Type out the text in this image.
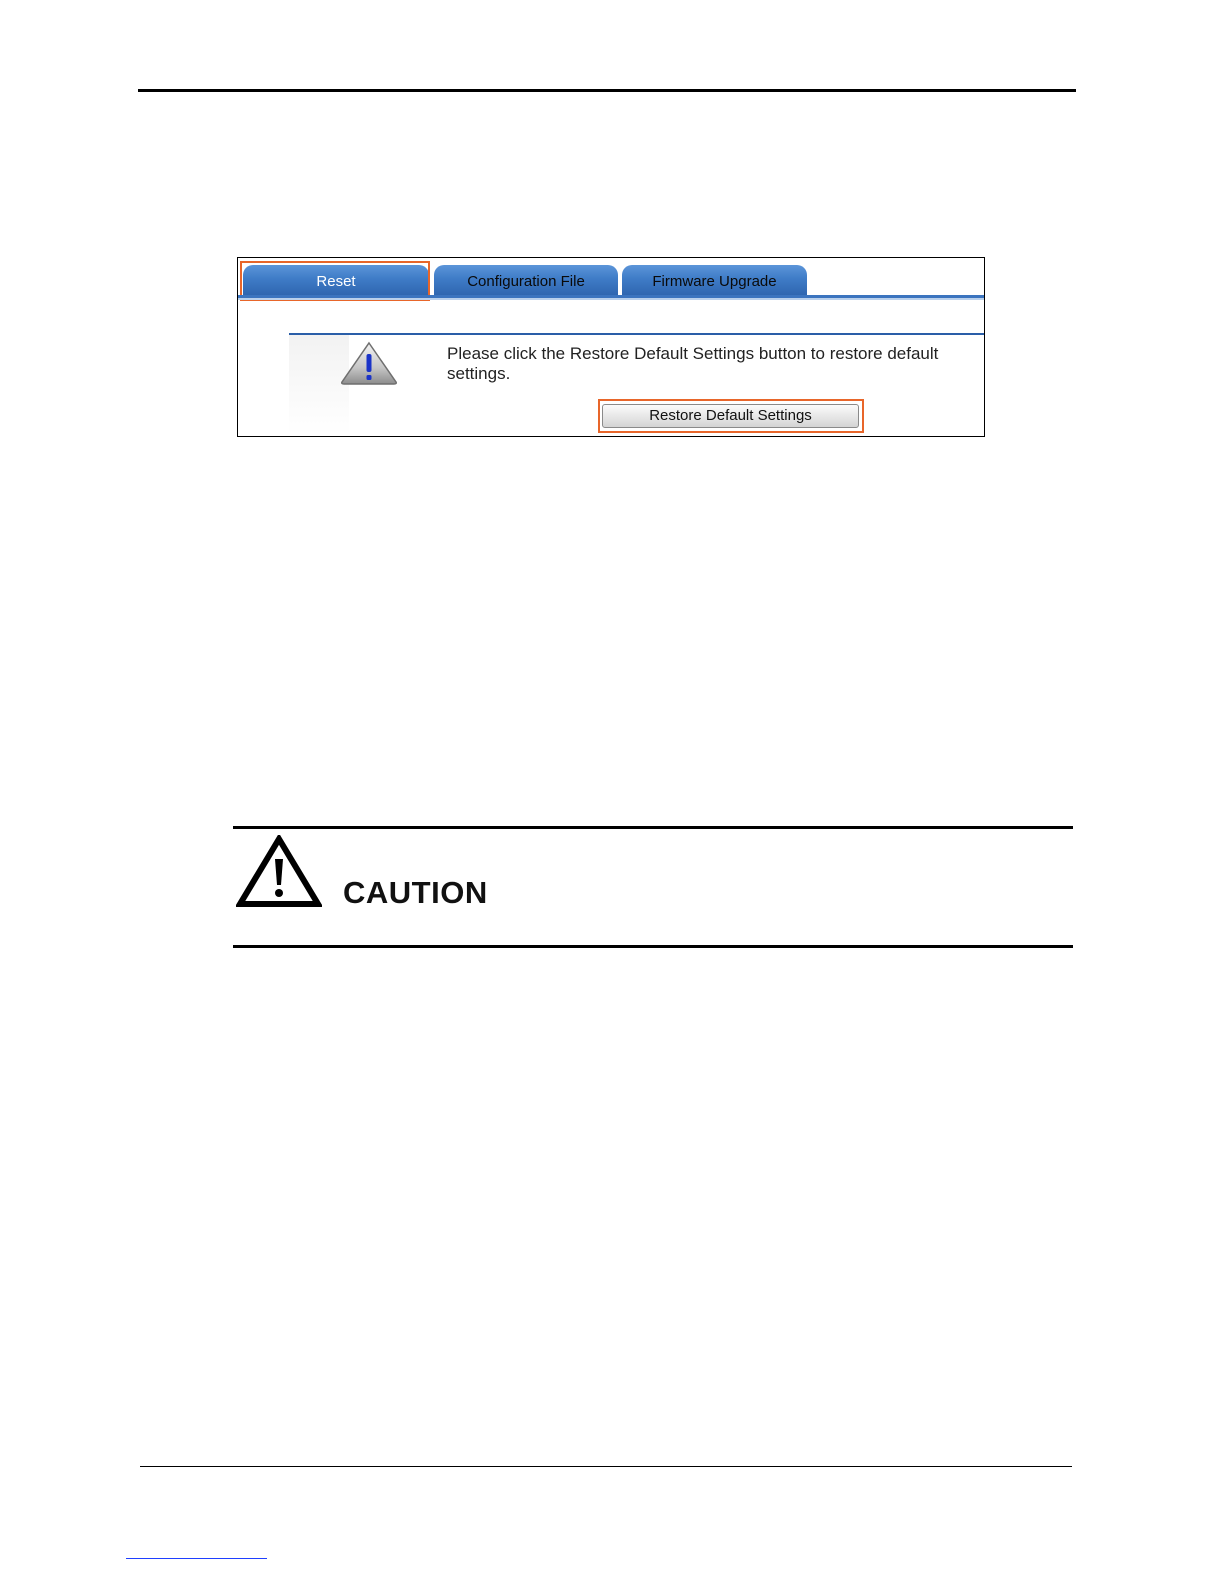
Reset	Configuration File	Firmware Upgrade
Please click the Restore Default Settings button to restore default settings.
Restore Default Settings
CAUTION
